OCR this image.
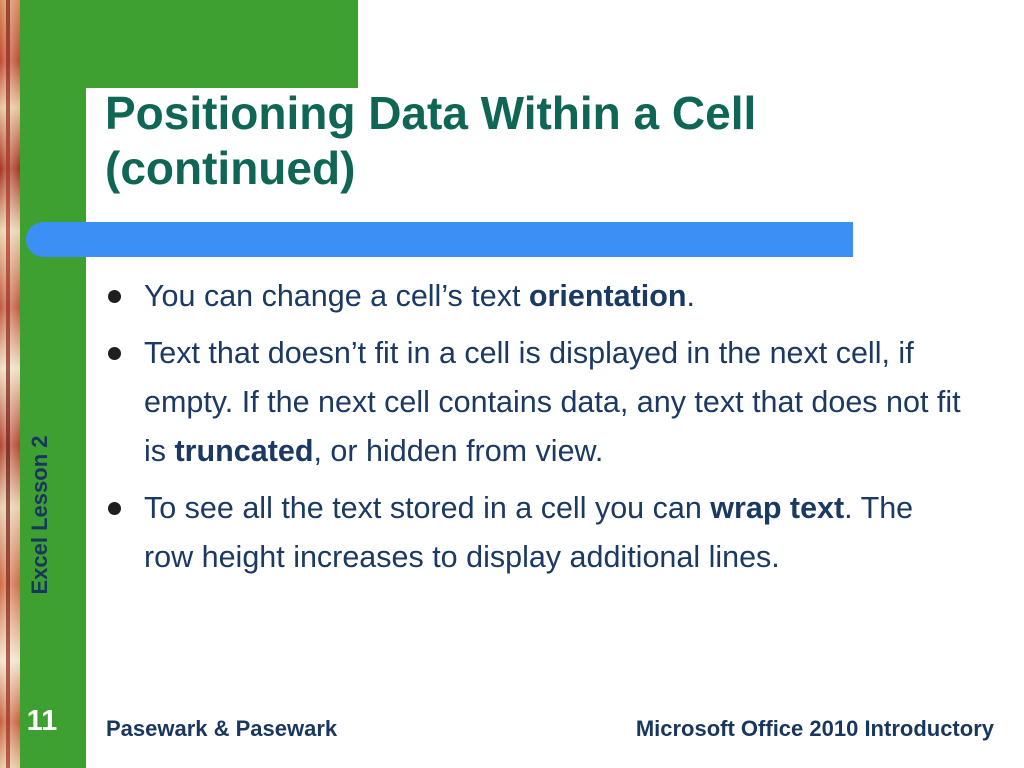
Excel Lesson 2
Positioning Data Within a Cell
(continued)
You can change a cell’s text orientation.
Text that doesn’t fit in a cell is displayed in the next cell, if empty. If the next cell contains data, any text that does not fit is truncated, or hidden from view.
To see all the text stored in a cell you can wrap text. The row height increases to display additional lines.
11	Pasewark & Pasewark	Microsoft Office 2010 Introductory
